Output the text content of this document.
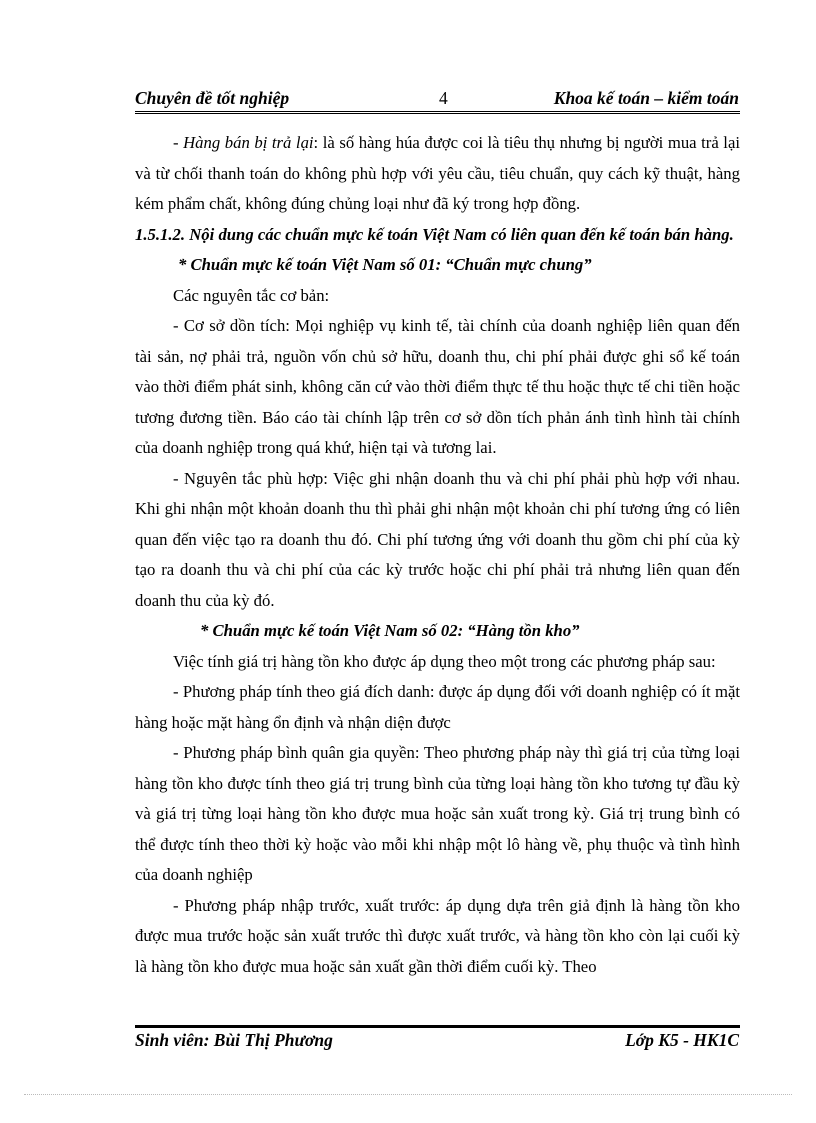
Chuyên đề tốt nghiệp	4	Khoa kế toán – kiểm toán

- Hàng bán bị trả lại: là số hàng húa được coi là tiêu thụ nhưng bị người mua trả lại và từ chối thanh toán do không phù hợp với yêu cầu, tiêu chuẩn, quy cách kỹ thuật, hàng kém phẩm chất, không đúng chủng loại như đã ký trong hợp đồng.

1.5.1.2. Nội dung các chuẩn mực kế toán Việt Nam có liên quan đến kế toán bán hàng.

* Chuẩn mực kế toán Việt Nam số 01: “Chuẩn mực chung”

Các nguyên tắc cơ bản:

- Cơ sở dồn tích: Mọi nghiệp vụ kinh tế, tài chính của doanh nghiệp liên quan đến tài sản, nợ phải trả, nguồn vốn chủ sở hữu, doanh thu, chi phí phải được ghi sổ kế toán vào thời điểm phát sinh, không căn cứ vào thời điểm thực tế thu hoặc thực tế chi tiền hoặc tương đương tiền. Báo cáo tài chính lập trên cơ sở dồn tích phản ánh tình hình tài chính của doanh nghiệp trong quá khứ, hiện tại và tương lai.

- Nguyên tắc phù hợp: Việc ghi nhận doanh thu và chi phí phải phù hợp với nhau. Khi ghi nhận một khoản doanh thu thì phải ghi nhận một khoản chi phí tương ứng có liên quan đến việc tạo ra doanh thu đó. Chi phí tương ứng với doanh thu gồm chi phí của kỳ tạo ra doanh thu và chi phí của các kỳ trước hoặc chi phí phải trả nhưng liên quan đến doanh thu của kỳ đó.

* Chuẩn mực kế toán Việt Nam số 02: “Hàng tồn kho”

Việc tính giá trị hàng tồn kho được áp dụng theo một trong các phương pháp sau:

- Phương pháp tính theo giá đích danh: được áp dụng đối với doanh nghiệp có ít mặt hàng hoặc mặt hàng ổn định và nhận diện được

- Phương pháp bình quân gia quyền: Theo phương pháp này thì giá trị của từng loại hàng tồn kho được tính theo giá trị trung bình của từng loại hàng tồn kho tương tự đầu kỳ và giá trị từng loại hàng tồn kho được mua hoặc sản xuất trong kỳ. Giá trị trung bình có thể được tính theo thời kỳ hoặc vào mỗi khi nhập một lô hàng về, phụ thuộc và tình hình của doanh nghiệp

- Phương pháp nhập trước, xuất trước: áp dụng dựa trên giả định là hàng tồn kho được mua trước hoặc sản xuất trước thì được xuất trước, và hàng tồn kho còn lại cuối kỳ là hàng tồn kho được mua hoặc sản xuất gần thời điểm cuối kỳ. Theo

Sinh viên: Bùi Thị Phương	Lớp K5 - HK1C
